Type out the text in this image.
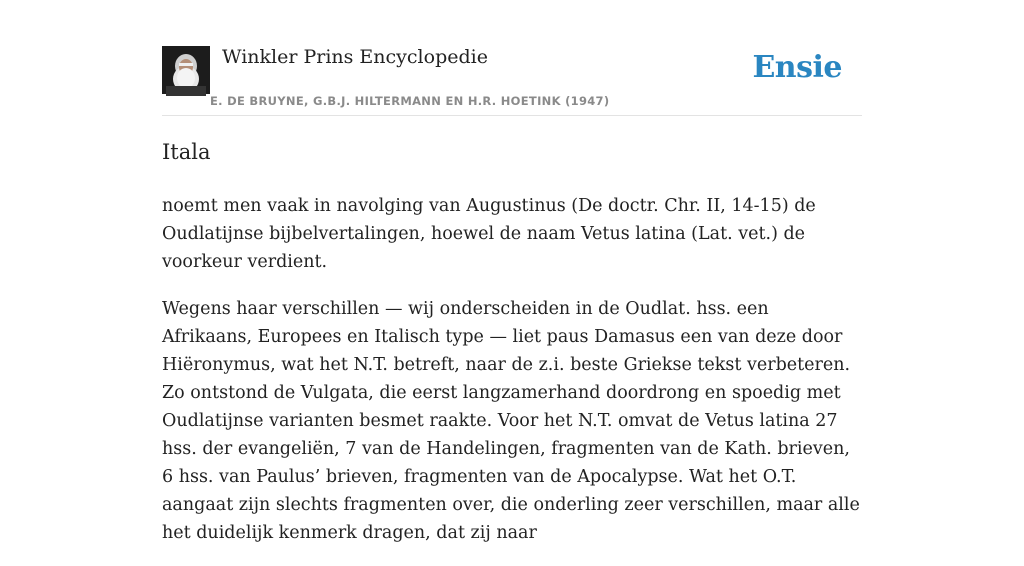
Winkler Prins Encyclopedie
E. DE BRUYNE, G.B.J. HILTERMANN EN H.R. HOETINK (1947)
Ensie
Itala

noemt men vaak in navolging van Augustinus (De doctr. Chr. II, 14-15) de Oudlatijnse bijbelvertalingen, hoewel de naam Vetus latina (Lat. vet.) de voorkeur verdient.

Wegens haar verschillen — wij onderscheiden in de Oudlat. hss. een Afrikaans, Europees en Italisch type — liet paus Damasus een van deze door Hiëronymus, wat het N.T. betreft, naar de z.i. beste Griekse tekst verbeteren. Zo ontstond de Vulgata, die eerst langzamerhand doordrong en spoedig met Oudlatijnse varianten besmet raakte. Voor het N.T. omvat de Vetus latina 27 hss. der evangeliën, 7 van de Handelingen, fragmenten van de Kath. brieven, 6 hss. van Paulus’ brieven, fragmenten van de Apocalypse. Wat het O.T. aangaat zijn slechts fragmenten over, die onderling zeer verschillen, maar alle het duidelijk kenmerk dragen, dat zij naar
